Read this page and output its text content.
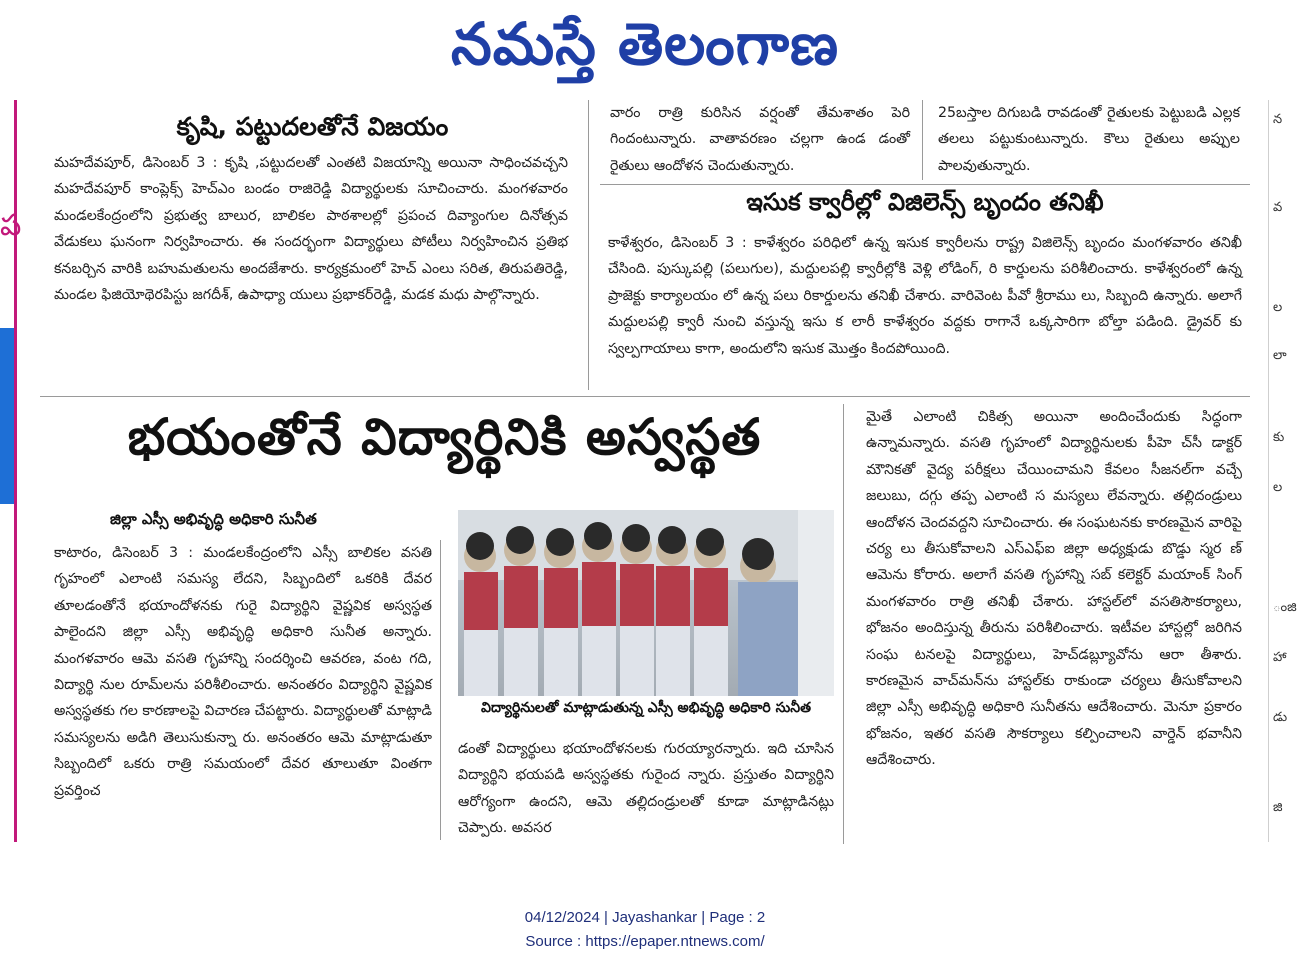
నమస్తే తెలంగాణ
ప
న
వ
ల
లా
కు
ల
ంజి
హా
డు
జి
కృషి, పట్టుదలతోనే విజయం
మహదేవపూర్, డిసెంబర్ 3 : కృషి ,పట్టుదలతో ఎంతటి విజయాన్ని అయినా సాధించవచ్చని మహదేవపూర్ కాంప్లెక్స్ హెచ్ఎం బండం రాజిరెడ్డి విద్యార్థులకు సూచించారు. మంగళవారం మండలకేంద్రంలోని ప్రభుత్వ బాలుర, బాలికల పాఠశాలల్లో ప్రపంచ దివ్యాంగుల దినోత్సవ వేడుకలు ఘనంగా నిర్వహించారు. ఈ సందర్భంగా విద్యార్థులు పోటీలు నిర్వహించిన ప్రతిభ కనబర్చిన వారికి బహుమతులను అందజేశారు. కార్యక్రమంలో హెచ్ ఎంలు సరిత, తిరుపతిరెడ్డి, మండల ఫిజియోథెరపిస్టు జగదీశ్, ఉపాధ్యా యులు ప్రభాకర్‌రెడ్డి, మడక మధు పాల్గొన్నారు.
వారం రాత్రి కురిసిన వర్షంతో తేమశాతం పెరి గిందంటున్నారు. వాతావరణం చల్లగా ఉండ డంతో రైతులు ఆందోళన చెందుతున్నారు.
25బస్తాల దిగుబడి రావడంతో రైతులకు పెట్టుబడి ఎల్లక తలలు పట్టుకుంటున్నారు. కౌలు రైతులు అప్పుల పాలవుతున్నారు.
ఇసుక క్వారీల్లో విజిలెన్స్ బృందం తనిఖీ
కాళేశ్వరం, డిసెంబర్ 3 : కాళేశ్వరం పరిధిలో ఉన్న ఇసుక క్వారీలను రాష్ట్ర విజిలెన్స్ బృందం మంగళవారం తనిఖీ చేసింది. పుస్కుపల్లి (పలుగుల), మద్దులపల్లి క్వారీల్లోకి వెళ్లి లోడింగ్, రి కార్డులను పరిశీలించారు. కాళేశ్వరంలో ఉన్న ప్రాజెక్టు కార్యాలయం లో ఉన్న పలు రికార్డులను తనిఖీ చేశారు. వారివెంట పీవో శ్రీరాము లు, సిబ్బంది ఉన్నారు. అలాగే మద్దులపల్లి క్వారీ నుంచి వస్తున్న ఇసు క లారీ కాళేశ్వరం వద్దకు రాగానే ఒక్కసారిగా బోల్తా పడింది. డ్రైవర్ కు స్వల్పగాయాలు కాగా, అందులోని ఇసుక మొత్తం కిందపోయింది.
భయంతోనే విద్యార్థినికి అస్వస్థత
జిల్లా ఎస్సీ అభివృద్ధి అధికారి సునీత
కాటారం, డిసెంబర్ 3 : మండలకేంద్రంలోని ఎస్సీ బాలికల వసతి గృహంలో ఎలాంటి సమస్య లేదని, సిబ్బందిలో ఒకరికి దేవర తూలడంతోనే భయాందోళనకు గురై విద్యార్థిని వైష్ణవిక అస్వస్థత పాలైందని జిల్లా ఎస్సీ అభివృద్ధి అధికారి సునీత అన్నారు. మంగళవారం ఆమె వసతి గృహాన్ని సందర్శించి ఆవరణ, వంట గది, విద్యార్థి నుల రూమ్‌లను పరిశీలించారు. అనంతరం విద్యార్థిని వైష్ణవిక అస్వస్థతకు గల కారణాలపై విచారణ చేపట్టారు. విద్యార్థులతో మాట్లాడి సమస్యలను అడిగి తెలుసుకున్నా రు. అనంతరం ఆమె మాట్లాడుతూ సిబ్బందిలో ఒకరు రాత్రి సమయంలో దేవర తూలుతూ వింతగా ప్రవర్తించ
విద్యార్థినులతో మాట్లాడుతున్న ఎస్సీ అభివృద్ధి అధికారి సునీత
డంతో విద్యార్థులు భయాందోళనలకు గురయ్యారన్నారు. ఇది చూసిన విద్యార్థిని భయపడి అస్వస్థతకు గురైంద న్నారు. ప్రస్తుతం విద్యార్థిని ఆరోగ్యంగా ఉందని, ఆమె తల్లిదండ్రులతో కూడా మాట్లాడినట్లు చెప్పారు. అవసర
మైతే ఎలాంటి చికిత్స అయినా అందించేందుకు సిద్ధంగా ఉన్నామన్నారు. వసతి గృహంలో విద్యార్థినులకు పీహె చ్‌సీ డాక్టర్ మౌనికతో వైద్య పరీక్షలు చేయించామని కేవలం సీజనల్‌గా వచ్చే జలుబు, దగ్గు తప్ప ఎలాంటి స మస్యలు లేవన్నారు. తల్లిదండ్రులు ఆందోళన చెందవద్దని సూచించారు. ఈ సంఘటనకు కారణమైన వారిపై చర్య లు తీసుకోవాలని ఎస్ఎఫ్ఐ జిల్లా అధ్యక్షుడు బొడ్డు స్మర ణ్ ఆమెను కోరారు. అలాగే వసతి గృహాన్ని సబ్ కలెక్టర్ మయాంక్ సింగ్ మంగళవారం రాత్రి తనిఖీ చేశారు. హాస్టల్‌లో వసతిసౌకర్యాలు, భోజనం అందిస్తున్న తీరును పరిశీలించారు. ఇటీవల హాస్టల్లో జరిగిన సంఘ టనలపై విద్యార్థులు, హెచ్‌డబ్ల్యూవోను ఆరా తీశారు. కారణమైన వాచ్‌మన్‌ను హాస్టల్‌కు రాకుండా చర్యలు తీసుకోవాలని జిల్లా ఎస్సీ అభివృద్ధి అధికారి సునీతను ఆదేశించారు. మెనూ ప్రకారం భోజనం, ఇతర వసతి సౌకర్యాలు కల్పించాలని వార్డెన్ భవానీని ఆదేశించారు.
04/12/2024 | Jayashankar | Page : 2
Source : https://epaper.ntnews.com/
